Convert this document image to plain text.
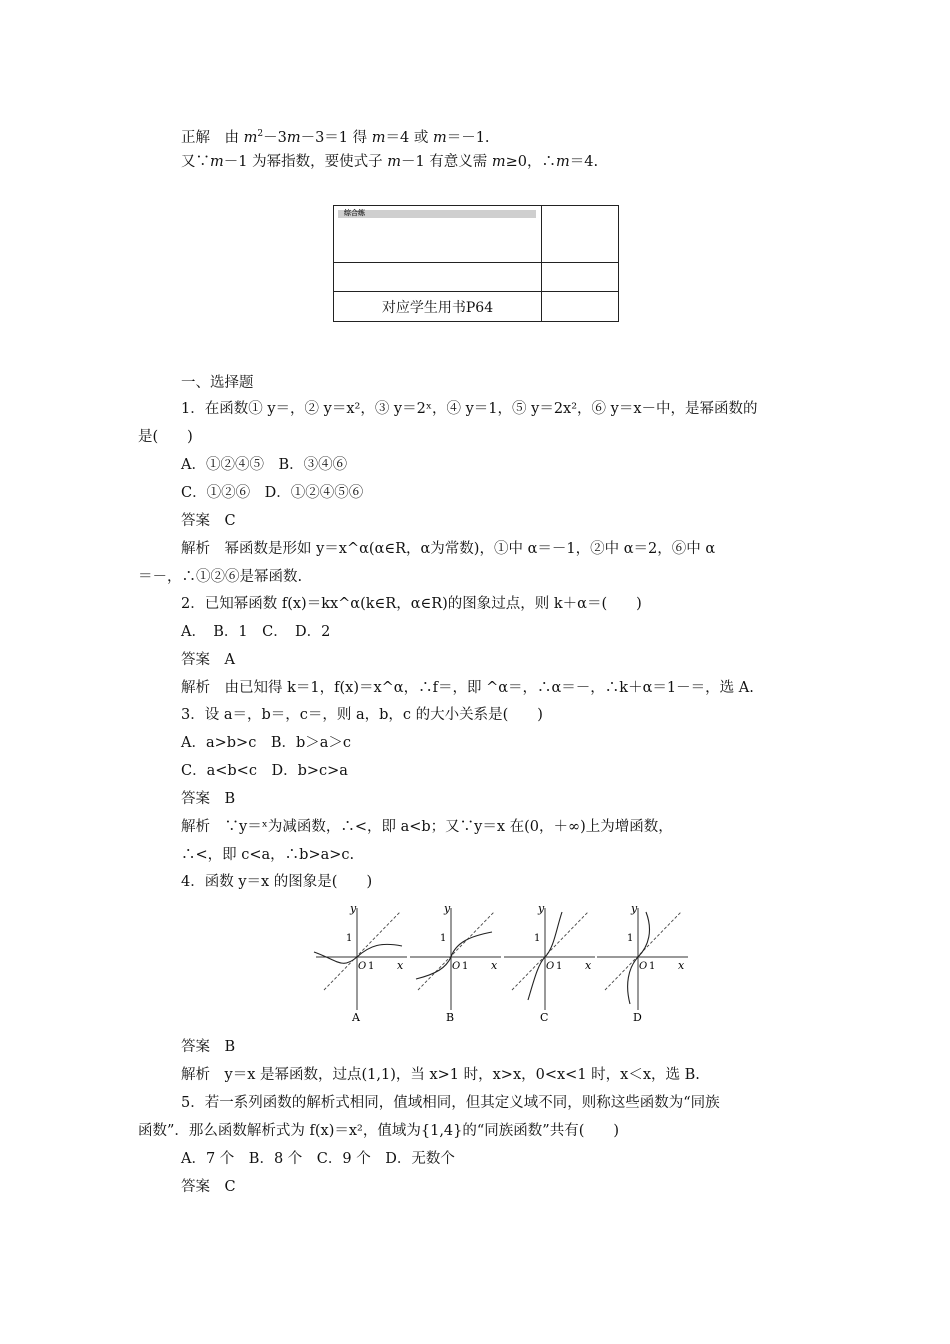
正解　 由 $m^2-3m-3=1$ 得 m＝4 或 m＝－1.
又∵m－1 为幂指数，要使式子 m－1 有意义需 m≥0，∴m＝4.
综合练	

对应学生用书P64	
一、选择题
1．在函数① y＝，② y＝x²，③ y＝2ˣ，④ y＝1，⑤ y＝2x²，⑥ y＝x－中，是幂函数的
是(　　)
A．①②④⑤　B．③④⑥
C．①②⑥　D．①②④⑤⑥
答案　C
解析　幂函数是形如 y＝x^α(α∈R，α为常数)，①中 α＝－1，②中 α＝2，⑥中 α
＝－，∴①②⑥是幂函数.
2．已知幂函数 f(x)＝kx^α(k∈R，α∈R)的图象过点，则 k＋α＝(　　)
A．　B．1　C．　D．2
答案　A
解析　由已知得 k＝1，f(x)＝x^α，∴f＝，即 ^α＝，∴α＝－，∴k＋α＝1－＝，选 A.
3．设 a＝，b＝，c＝，则 a，b，c 的大小关系是(　　)
A．a>b>c　B．b＞a＞c
C．a<b<c　D．b>c>a
答案　B
解析　∵y＝ˣ为减函数，∴<，即 a<b；又∵y＝x 在(0，＋∞)上为增函数，
∴<，即 c<a，∴b>a>c.
4．函数 y＝x 的图象是(　　)
y
x
1
O 1
A
y
x
1
O 1
B
y
x
1
O 1
C
y
x
1
O 1
D
答案　B
解析　y＝x 是幂函数，过点(1,1)，当 x>1 时，x>x，0<x<1 时，x＜x，选 B.
5．若一系列函数的解析式相同，值域相同，但其定义域不同，则称这些函数为“同族
函数”．那么函数解析式为 f(x)＝x²，值域为{1,4}的“同族函数”共有(　　)
A．7 个　B．8 个　C．9 个　D．无数个
答案　C
